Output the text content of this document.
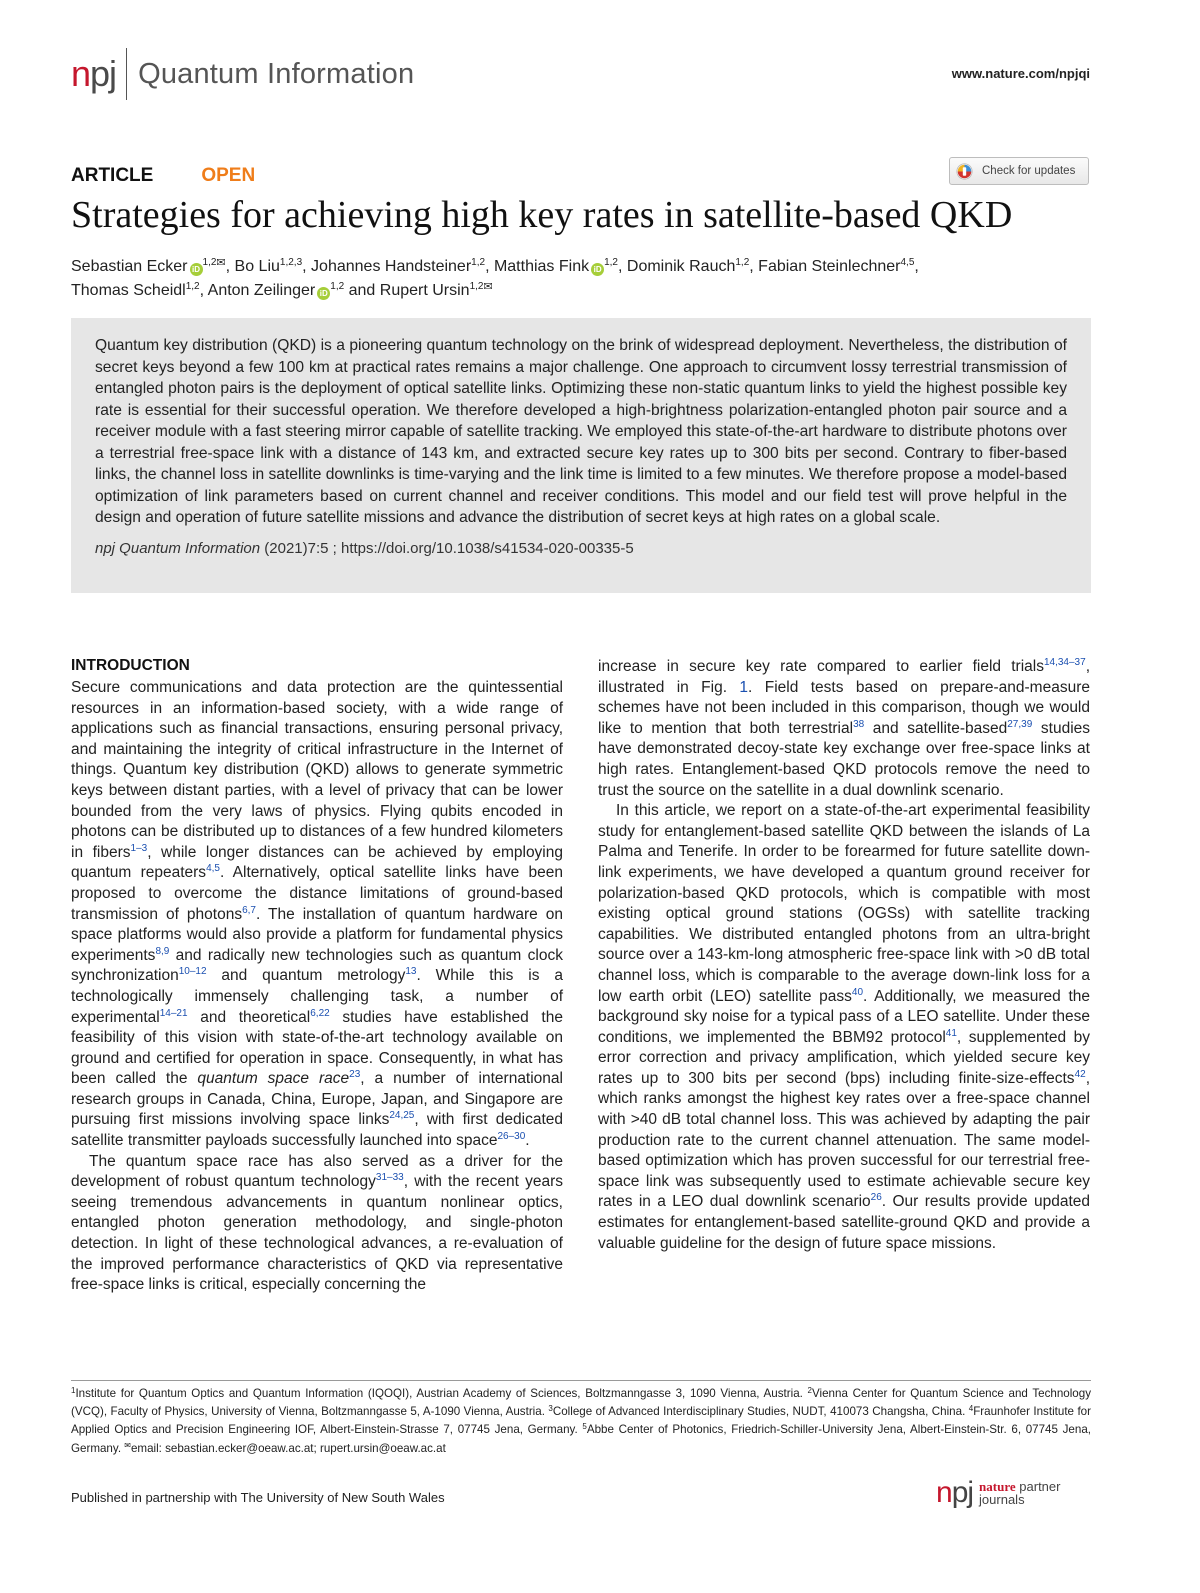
npj Quantum Information	www.nature.com/npjqi
ARTICLE	OPEN	Check for updates
Strategies for achieving high key rates in satellite-based QKD
Sebastian Ecker $iD^{1,2✉}$, Bo Liu$^{1,2,3}$, Johannes Handsteiner$^{1,2}$, Matthias Fink iD$^{1,2}$, Dominik Rauch$^{1,2}$, Fabian Steinlechner$^{4,5}$,
Thomas Scheidl$^{1,2}$, Anton Zeilinger iD$^{1,2}$ and Rupert Ursin$^{1,2✉}$

Quantum key distribution (QKD) is a pioneering quantum technology on the brink of widespread deployment. Nevertheless, the distribution of secret keys beyond a few 100 km at practical rates remains a major challenge. One approach to circumvent lossy terrestrial transmission of entangled photon pairs is the deployment of optical satellite links. Optimizing these non-static quantum links to yield the highest possible key rate is essential for their successful operation. We therefore developed a high-brightness polarization-entangled photon pair source and a receiver module with a fast steering mirror capable of satellite tracking. We employed this state-of-the-art hardware to distribute photons over a terrestrial free-space link with a distance of 143 km, and extracted secure key rates up to 300 bits per second. Contrary to fiber-based links, the channel loss in satellite downlinks is time-varying and the link time is limited to a few minutes. We therefore propose a model-based optimization of link parameters based on current channel and receiver conditions. This model and our field test will prove helpful in the design and operation of future satellite missions and advance the distribution of secret keys at high rates on a global scale.

npj Quantum Information (2021)7:5 ; https://doi.org/10.1038/s41534-020-00335-5
INTRODUCTION

Secure communications and data protection are the quintessential resources in an information-based society, with a wide range of applications such as financial transactions, ensuring personal privacy, and maintaining the integrity of critical infrastructure in the Internet of things. Quantum key distribution (QKD) allows to generate symmetric keys between distant parties, with a level of privacy that can be lower bounded from the very laws of physics. Flying qubits encoded in photons can be distributed up to distances of a few hundred kilometers in fibers$^{1-3}$, while longer distances can be achieved by employing quantum repeaters$^{4,5}$. Alternatively, optical satellite links have been proposed to overcome the distance limitations of ground-based transmission of photons$^{6,7}$. The installation of quantum hardware on space platforms would also provide a platform for fundamental physics experiments$^{8,9}$ and radically new technologies such as quantum clock synchronization$^{10-12}$ and quantum metrology$^{13}$. While this is a technologically immensely challenging task, a number of experimental$^{14-21}$ and theoretical$^{6,22}$ studies have established the feasibility of this vision with state-of-the-art technology available on ground and certified for operation in space. Consequently, in what has been called the quantum space race$^{23}$, a number of international research groups in Canada, China, Europe, Japan, and Singapore are pursuing first missions involving space links$^{24,25}$, with first dedicated satellite transmitter payloads successfully launched into space$^{26-30}$.

The quantum space race has also served as a driver for the development of robust quantum technology$^{31-33}$, with the recent years seeing tremendous advancements in quantum nonlinear optics, entangled photon generation methodology, and single-photon detection. In light of these technological advances, a re-evaluation of the improved performance characteristics of QKD via representative free-space links is critical, especially concerning the

increase in secure key rate compared to earlier field trials$^{14,34-37}$, illustrated in Fig. 1. Field tests based on prepare-and-measure schemes have not been included in this comparison, though we would like to mention that both terrestrial$^{38}$ and satellite-based$^{27,39}$ studies have demonstrated decoy-state key exchange over free-space links at high rates. Entanglement-based QKD protocols remove the need to trust the source on the satellite in a dual downlink scenario.

In this article, we report on a state-of-the-art experimental feasibility study for entanglement-based satellite QKD between the islands of La Palma and Tenerife. In order to be forearmed for future satellite down-link experiments, we have developed a quantum ground receiver for polarization-based QKD protocols, which is compatible with most existing optical ground stations (OGSs) with satellite tracking capabilities. We distributed entangled photons from an ultra-bright source over a 143-km-long atmospheric free-space link with >0 dB total channel loss, which is comparable to the average down-link loss for a low earth orbit (LEO) satellite pass$^{40}$. Additionally, we measured the background sky noise for a typical pass of a LEO satellite. Under these conditions, we implemented the BBM92 protocol$^{41}$, supplemented by error correction and privacy amplification, which yielded secure key rates up to 300 bits per second (bps) including finite-size-effects$^{42}$, which ranks amongst the highest key rates over a free-space channel with >40 dB total channel loss. This was achieved by adapting the pair production rate to the current channel attenuation. The same model-based optimization which has proven successful for our terrestrial free-space link was subsequently used to estimate achievable secure key rates in a LEO dual downlink scenario$^{26}$. Our results provide updated estimates for entanglement-based satellite-ground QKD and provide a valuable guideline for the design of future space missions.

$^1$Institute for Quantum Optics and Quantum Information (IQOQI), Austrian Academy of Sciences, Boltzmanngasse 3, 1090 Vienna, Austria. $^2$Vienna Center for Quantum Science and Technology (VCQ), Faculty of Physics, University of Vienna, Boltzmanngasse 5, A-1090 Vienna, Austria. $^3$College of Advanced Interdisciplinary Studies, NUDT, 410073 Changsha, China. $^4$Fraunhofer Institute for Applied Optics and Precision Engineering IOF, Albert-Einstein-Strasse 7, 07745 Jena, Germany. $^5$Abbe Center of Photonics, Friedrich-Schiller-University Jena, Albert-Einstein-Str. 6, 07745 Jena, Germany. ✉email: sebastian.ecker@oeaw.ac.at; rupert.ursin@oeaw.ac.at
Published in partnership with The University of New South Wales	npj nature partner
journals
